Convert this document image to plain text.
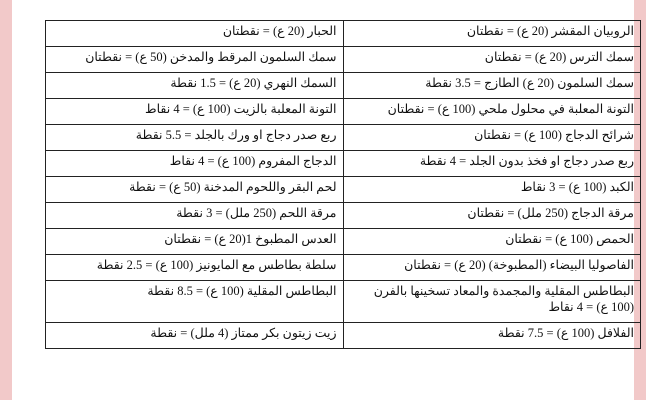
الروبيان المقشر (20 ع) = نقطتان	الحبار (20 ع) = نقطتان
سمك الترس (20 ع) = نقطتان	سمك السلمون المرقط والمدخن (50 ع) = نقطتان
سمك السلمون (20 ع) الطازج = 3.5 نقطة	السمك النهري (20 ع) = 1.5 نقطة
التونة المعلبة في محلول ملحي (100 ع) = نقطتان	التونة المعلبة بالزيت (100 ع) = 4 نقاط
شرائح الدجاج (100 ع) = نقطتان	ربع صدر دجاج او ورك بالجلد = 5.5 نقطة
ربع صدر دجاج او فخذ بدون الجلد = 4 نقطة	الدجاج المفروم (100 ع) = 4 نقاط
الكبد (100 ع) = 3 نقاط	لحم البقر واللحوم المدخنة (50 ع) = نقطة
مرقة الدجاج (250 ملل) = نقطتان	مرقة اللحم (250 ملل) = 3 نقطة
الحمص (100 ع) = نقطتان	العدس المطبوخ 1(20 ع) = نقطتان
الفاصوليا البيضاء (المطبوخة) (20 ع) = نقطتان	سلطة بطاطس مع المايونيز (100 ع) = 2.5 نقطة
البطاطس المقلية والمجمدة والمعاد تسخينها بالفرن (100 ع) = 4 نقاط	البطاطس المقلية (100 ع) = 8.5 نقطة
الفلافل (100 ع) = 7.5 نقطة	زيت زيتون بكر ممتاز (4 ملل) = نقطة
